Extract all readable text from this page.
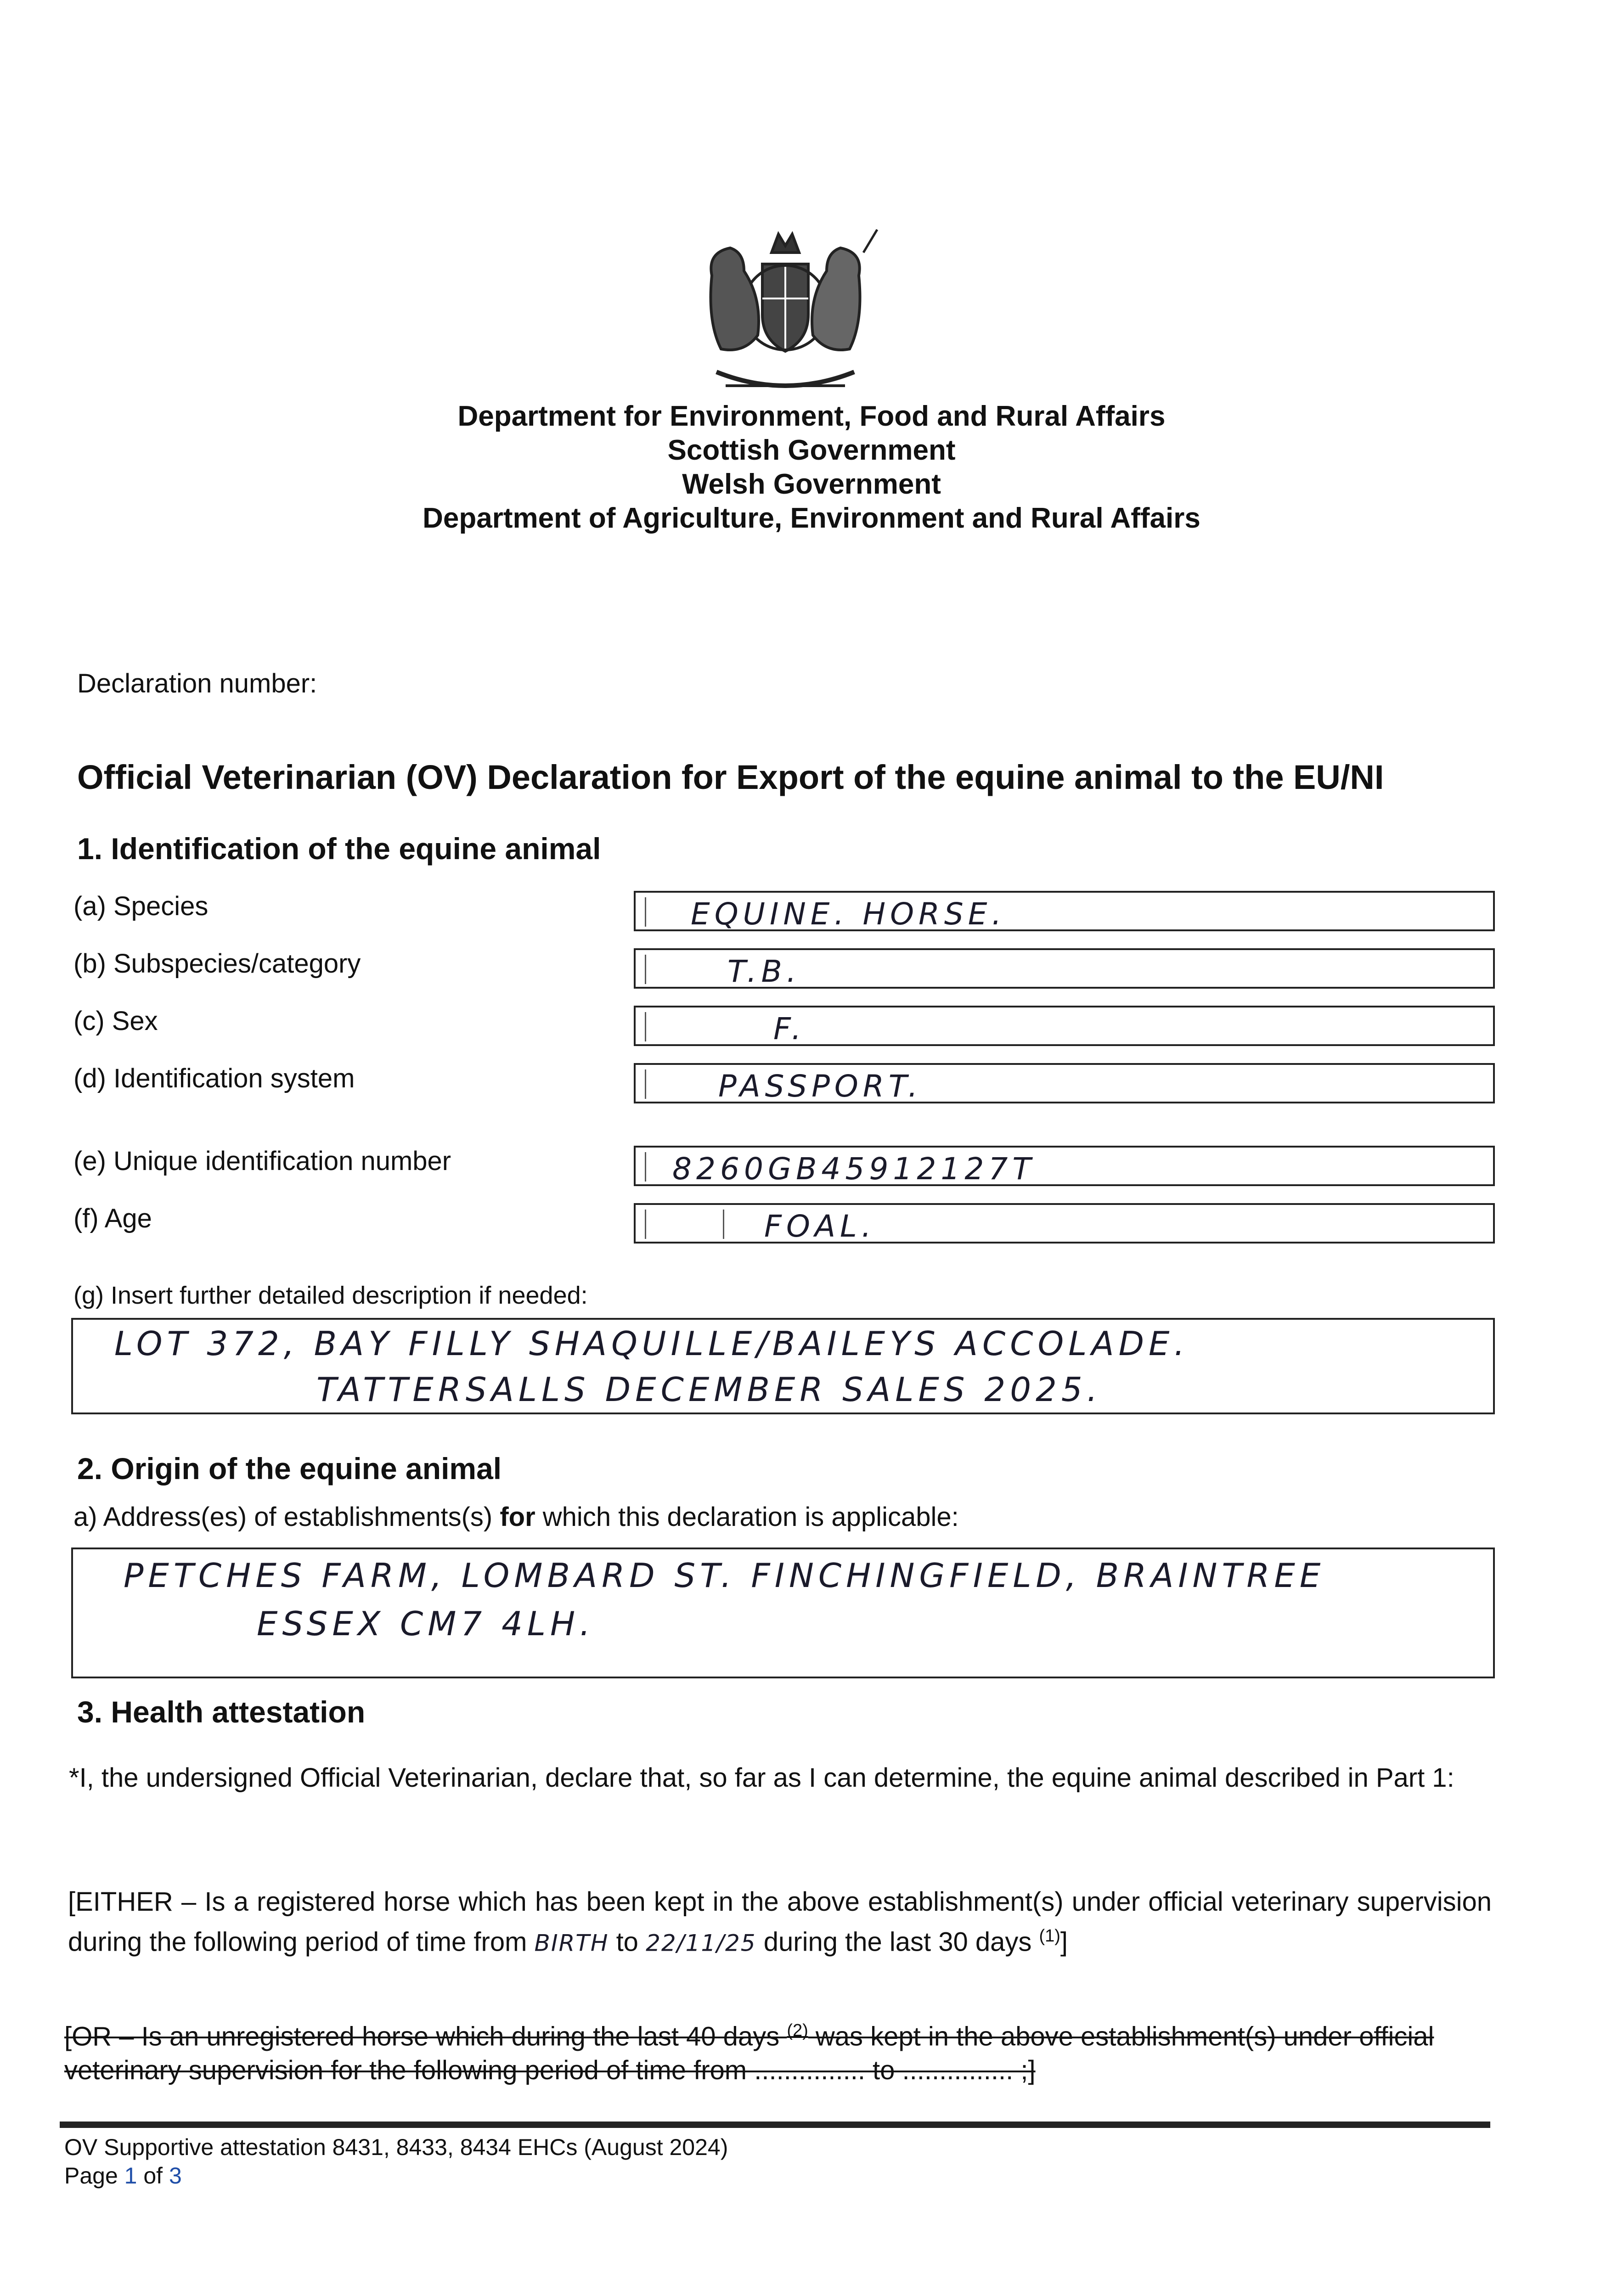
Department for Environment, Food and Rural Affairs
Scottish Government
Welsh Government
Department of Agriculture, Environment and Rural Affairs
Declaration number:
Official Veterinarian (OV) Declaration for Export of the equine animal to the EU/NI
1. Identification of the equine animal
(a) Species	EQUINE. HORSE.
(b) Subspecies/category	T.B.
(c) Sex	F.
(d) Identification system	PASSPORT.
(e) Unique identification number	8260GB45912127T
(f) Age	FOAL.
(g) Insert further detailed description if needed:
LOT 372, BAY FILLY SHAQUILLE/BAILEYS ACCOLADE.
TATTERSALLS DECEMBER SALES 2025.
2. Origin of the equine animal
a) Address(es) of establishments(s) for which this declaration is applicable:
PETCHES FARM, LOMBARD ST. FINCHINGFIELD, BRAINTREE
ESSEX CM7 4LH.
3. Health attestation
*I, the undersigned Official Veterinarian, declare that, so far as I can determine, the equine animal described in Part 1:
[EITHER – Is a registered horse which has been kept in the above establishment(s) under official veterinary supervision during the following period of time from BIRTH to 22/11/25 during the last 30 days $^{(1)}$]
[OR – Is an unregistered horse which during the last 40 days $^{(2)}$ was kept in the above establishment(s) under official veterinary supervision for the following period of time from ............... to ............... ;]
OV Supportive attestation 8431, 8433, 8434 EHCs (August 2024)
Page 1 of 3
